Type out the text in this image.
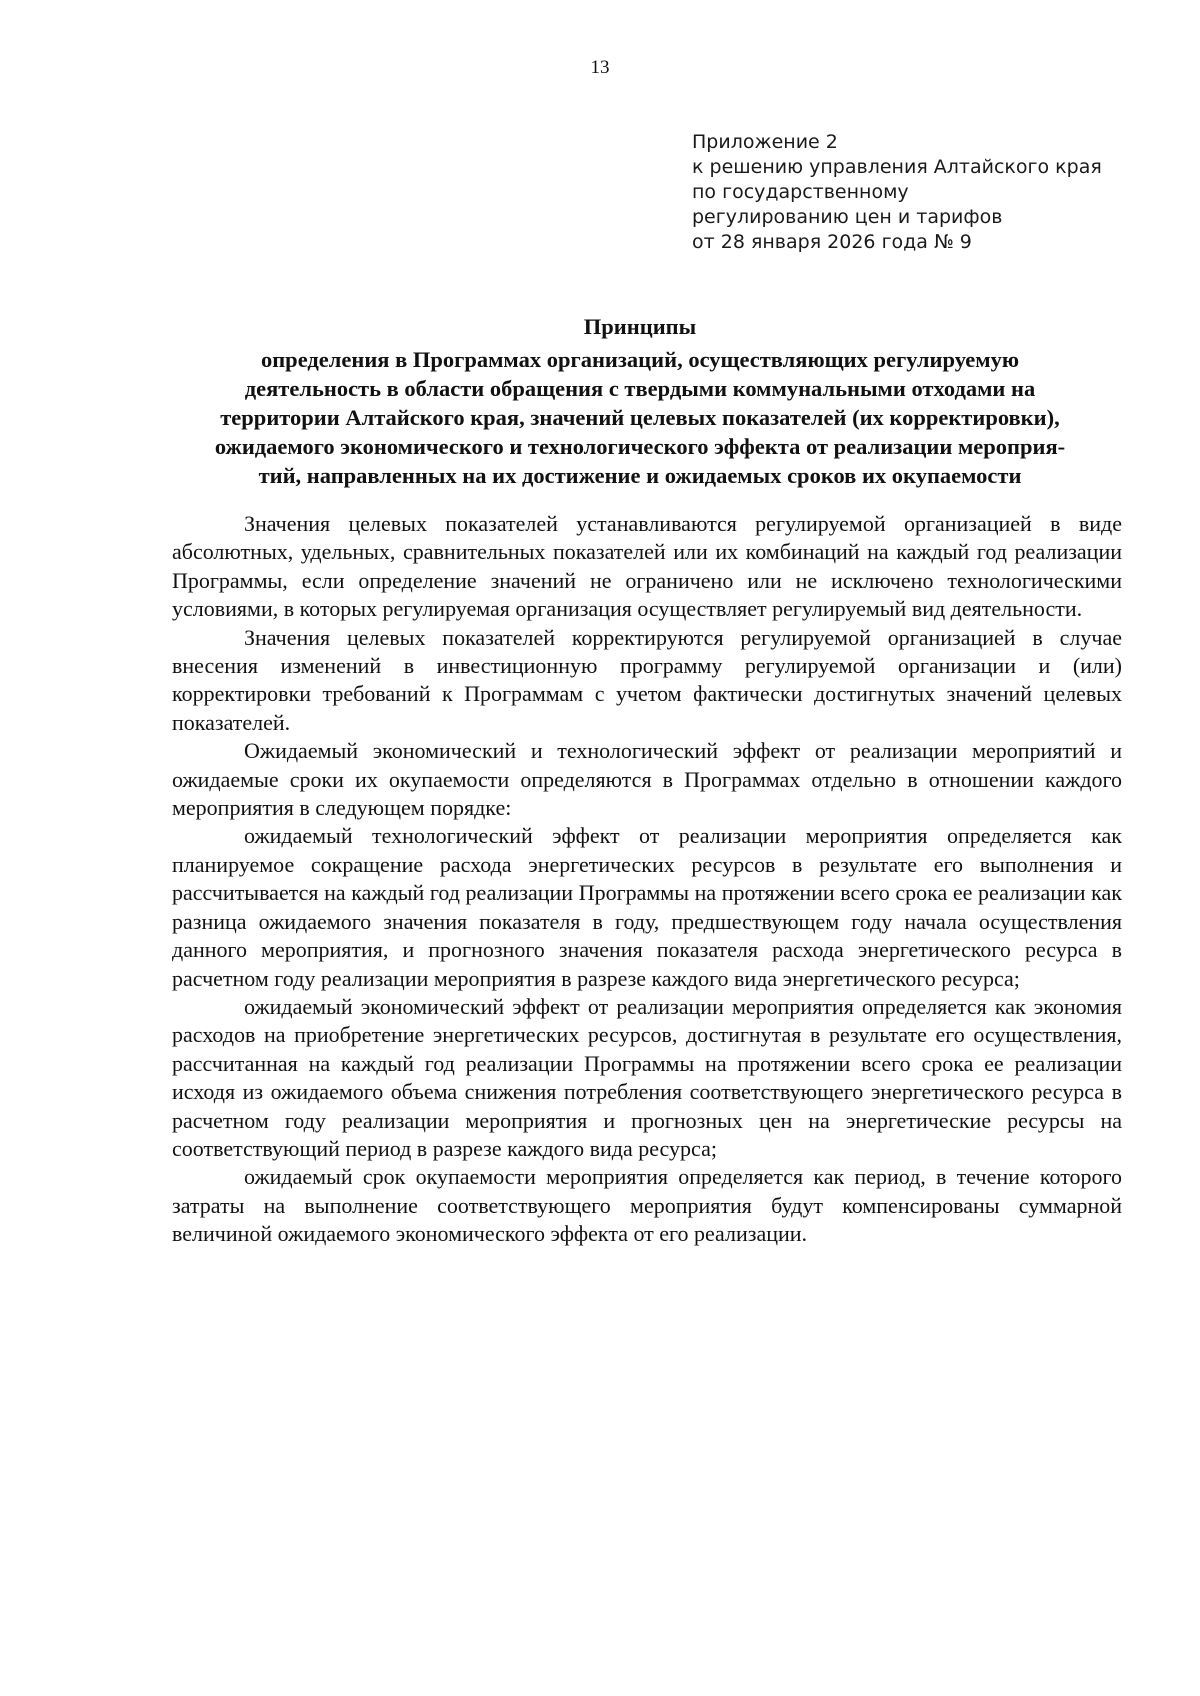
13
Приложение 2
к решению управления Алтайского края
по государственному
регулированию цен и тарифов
от 28 января 2026 года № 9
Принципы
определения в Программах организаций, осуществляющих регулируемую
деятельность в области обращения с твердыми коммунальными отходами на
территории Алтайского края, значений целевых показателей (их корректировки),
ожидаемого экономического и технологического эффекта от реализации мероприя-
тий, направленных на их достижение и ожидаемых сроков их окупаемости

Значения целевых показателей устанавливаются регулируемой организацией в виде абсолютных, удельных, сравнительных показателей или их комбинаций на каждый год реализации Программы, если определение значений не ограничено или не исключено технологическими условиями, в которых регулируемая организация осуществляет регулируемый вид деятельности.

Значения целевых показателей корректируются регулируемой организацией в случае внесения изменений в инвестиционную программу регулируемой организации и (или) корректировки требований к Программам с учетом фактически достигнутых значений целевых показателей.

Ожидаемый экономический и технологический эффект от реализации мероприятий и ожидаемые сроки их окупаемости определяются в Программах отдельно в отношении каждого мероприятия в следующем порядке:

ожидаемый технологический эффект от реализации мероприятия определяется как планируемое сокращение расхода энергетических ресурсов в результате его выполнения и рассчитывается на каждый год реализации Программы на протяжении всего срока ее реализации как разница ожидаемого значения показателя в году, предшествующем году начала осуществления данного мероприятия, и прогнозного значения показателя расхода энергетического ресурса в расчетном году реализации мероприятия в разрезе каждого вида энергетического ресурса;

ожидаемый экономический эффект от реализации мероприятия определяется как экономия расходов на приобретение энергетических ресурсов, достигнутая в результате его осуществления, рассчитанная на каждый год реализации Программы на протяжении всего срока ее реализации исходя из ожидаемого объема снижения потребления соответствующего энергетического ресурса в расчетном году реализации мероприятия и прогнозных цен на энергетические ресурсы на соответствующий период в разрезе каждого вида ресурса;

ожидаемый срок окупаемости мероприятия определяется как период, в течение которого затраты на выполнение соответствующего мероприятия будут компенсированы суммарной величиной ожидаемого экономического эффекта от его реализации.
